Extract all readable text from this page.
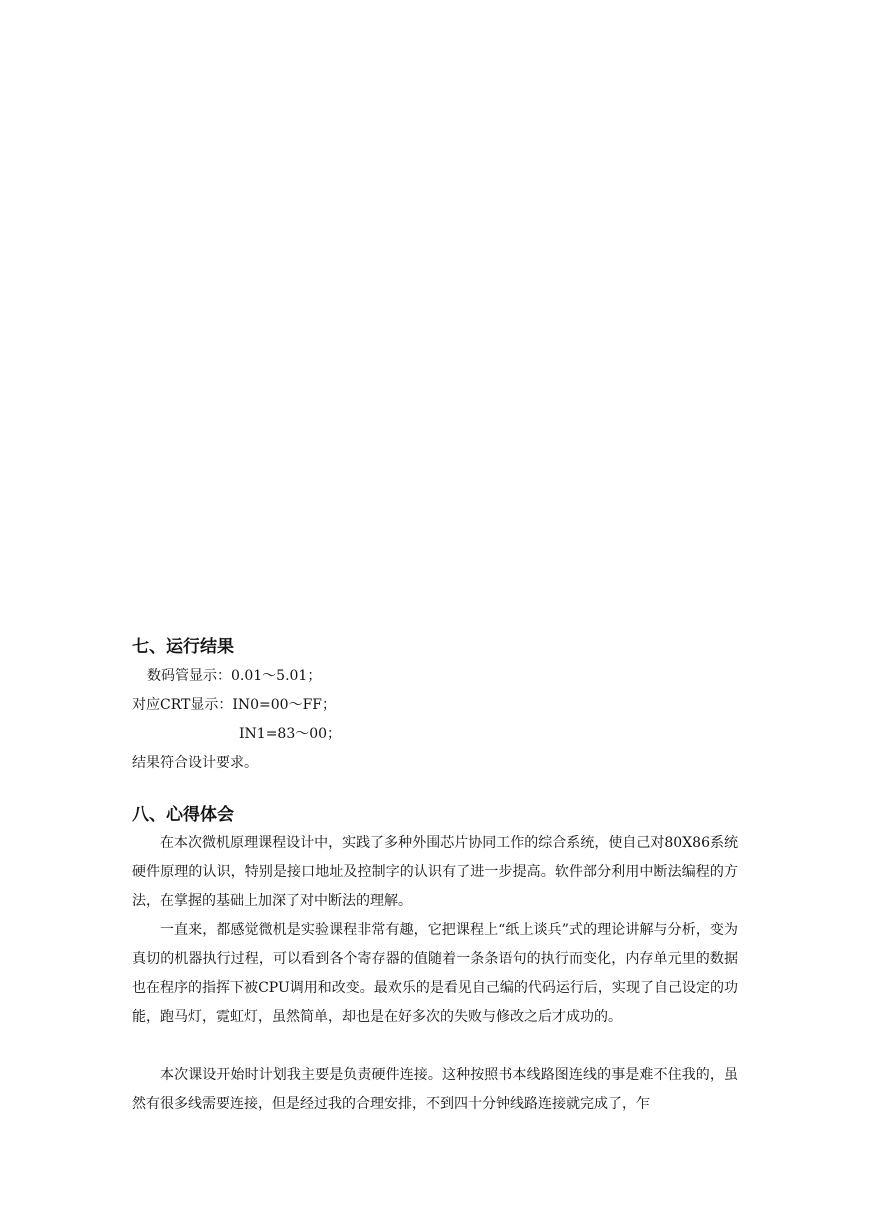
七、运行结果

数码管显示：0.01～5.01；

对应CRT显示：IN0=00～FF；

IN1=83～00；

结果符合设计要求。

八、心得体会

在本次微机原理课程设计中，实践了多种外围芯片协同工作的综合系统，使自己对80X86系统硬件原理的认识，特别是接口地址及控制字的认识有了进一步提高。软件部分利用中断法编程的方法，在掌握的基础上加深了对中断法的理解。

一直来，都感觉微机是实验课程非常有趣，它把课程上“纸上谈兵”式的理论讲解与分析，变为真切的机器执行过程，可以看到各个寄存器的值随着一条条语句的执行而变化，内存单元里的数据也在程序的指挥下被CPU调用和改变。最欢乐的是看见自己编的代码运行后，实现了自己设定的功能，跑马灯，霓虹灯，虽然简单，却也是在好多次的失败与修改之后才成功的。

本次课设开始时计划我主要是负责硬件连接。这种按照书本线路图连线的事是难不住我的，虽然有很多线需要连接，但是经过我的合理安排，不到四十分钟线路连接就完成了，乍
